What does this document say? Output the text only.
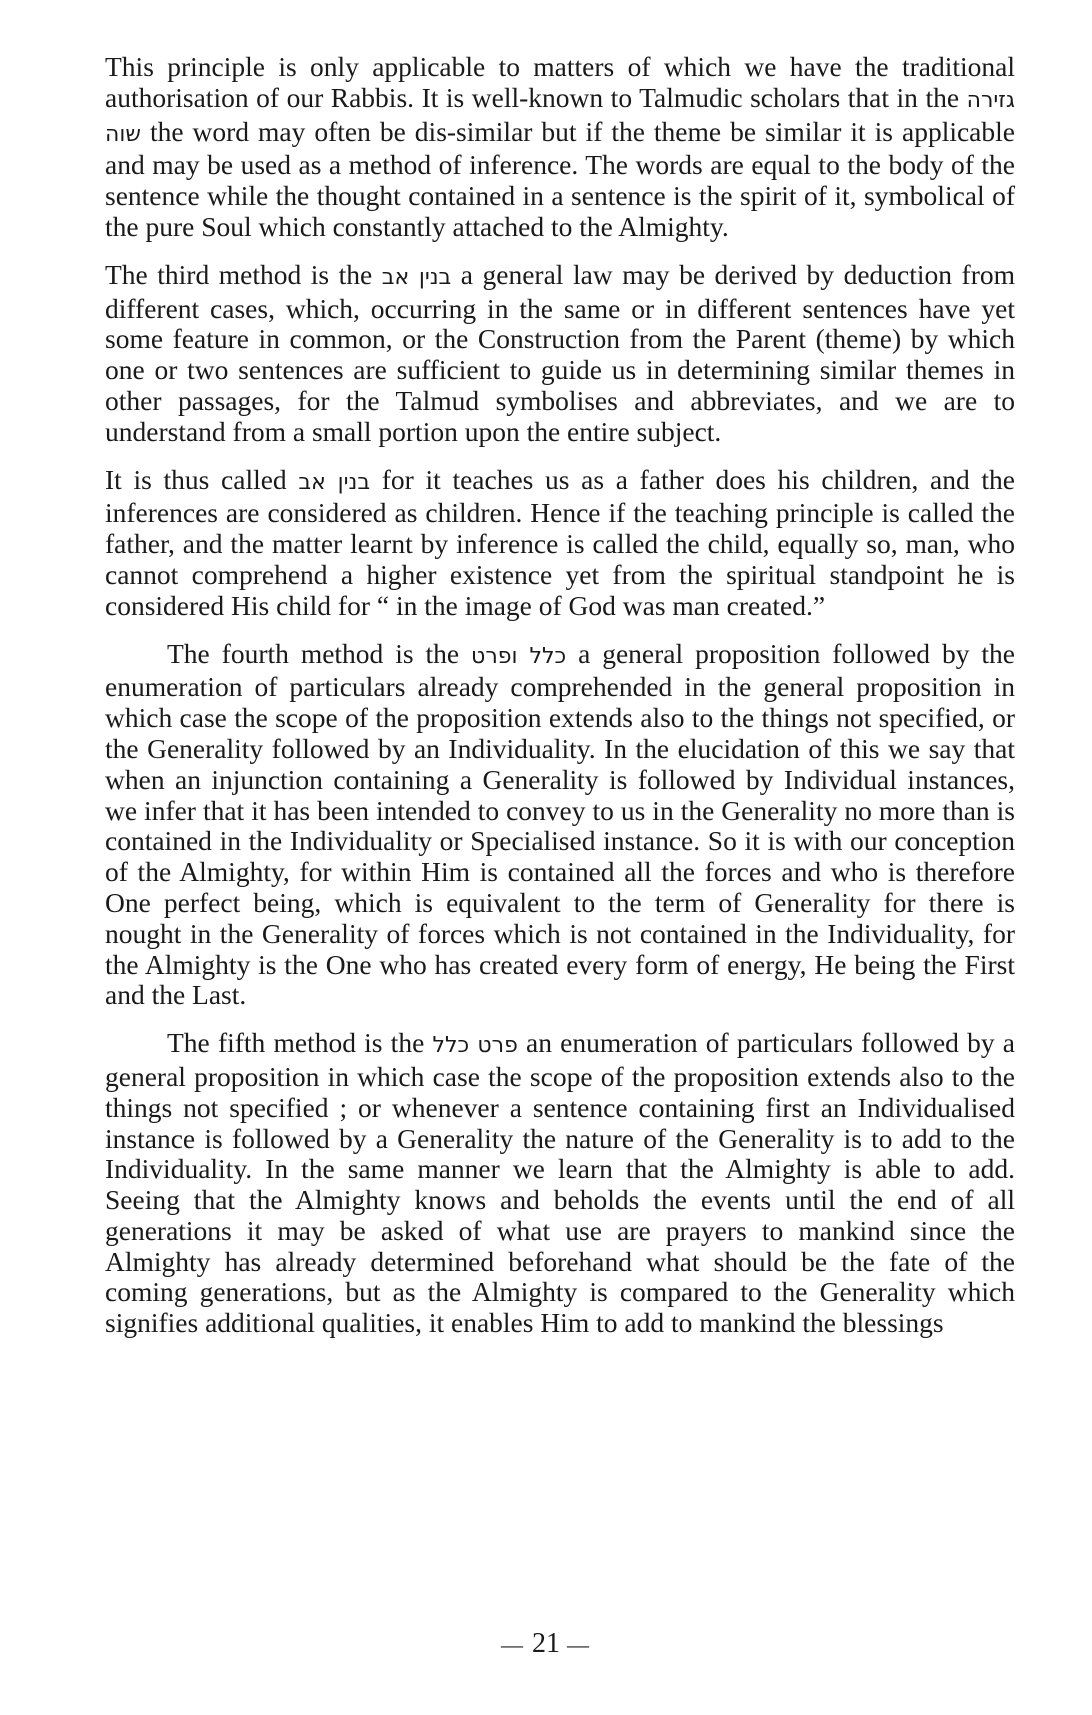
This principle is only applicable to matters of which we have the traditional authorisation of our Rabbis. It is well-known to Talmudic scholars that in the גזירה שוה the word may often be dis-similar but if the theme be similar it is applicable and may be used as a method of inference. The words are equal to the body of the sentence while the thought contained in a sentence is the spirit of it, symbolical of the pure Soul which constantly attached to the Almighty.

The third method is the בנין אב a general law may be derived by deduction from different cases, which, occurring in the same or in different sentences have yet some feature in common, or the Construction from the Parent (theme) by which one or two sentences are sufficient to guide us in determining similar themes in other passages, for the Talmud symbolises and abbreviates, and we are to understand from a small portion upon the entire subject.

It is thus called בנין אב for it teaches us as a father does his children, and the inferences are considered as children. Hence if the teaching principle is called the father, and the matter learnt by inference is called the child, equally so, man, who cannot comprehend a higher existence yet from the spiritual standpoint he is considered His child for “ in the image of God was man created.”

The fourth method is the כלל ופרט a general proposition followed by the enumeration of particulars already comprehended in the general proposition in which case the scope of the proposition extends also to the things not specified, or the Generality followed by an Individuality. In the elucidation of this we say that when an injunction containing a Generality is followed by Individual instances, we infer that it has been intended to convey to us in the Generality no more than is contained in the Individuality or Specialised instance. So it is with our conception of the Almighty, for within Him is contained all the forces and who is therefore One perfect being, which is equivalent to the term of Generality for there is nought in the Generality of forces which is not contained in the Individuality, for the Almighty is the One who has created every form of energy, He being the First and the Last.

The fifth method is the פרט כלל an enumeration of particulars followed by a general proposition in which case the scope of the proposition extends also to the things not specified ; or whenever a sentence containing first an Individualised instance is followed by a Generality the nature of the Generality is to add to the Individuality. In the same manner we learn that the Almighty is able to add. Seeing that the Almighty knows and beholds the events until the end of all generations it may be asked of what use are prayers to mankind since the Almighty has already determined beforehand what should be the fate of the coming generations, but as the Almighty is compared to the Generality which signifies additional qualities, it enables Him to add to mankind the blessings

— 21 —
